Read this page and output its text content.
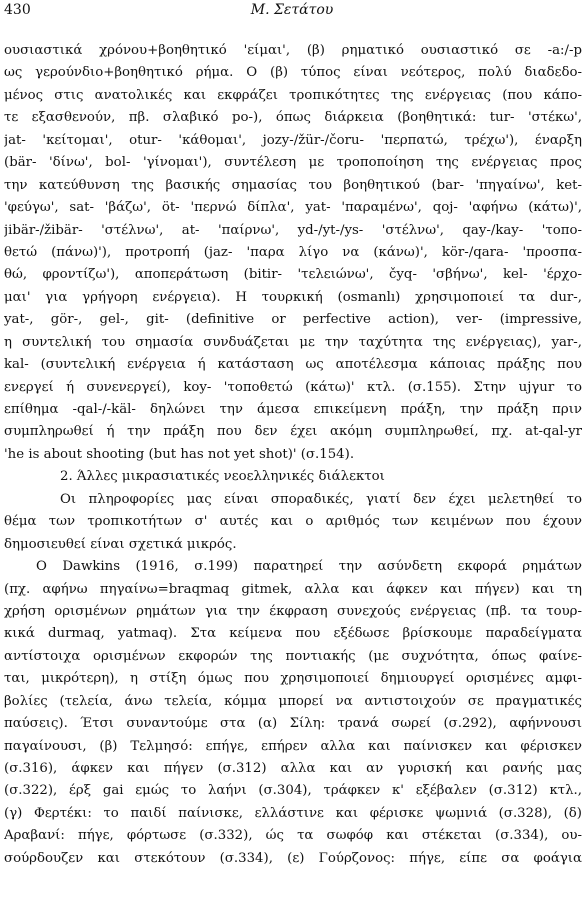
430	Μ. Σετάτου
ουσιαστικά χρόνου+βοηθητικό 'είμαι', (β) ρηματικό ουσιαστικό σε -a:/-p
ως γερούνδιο+βοηθητικό ρήμα. Ο (β) τύπος είναι νεότερος, πολύ διαδεδο-
μένος στις ανατολικές και εκφράζει τροπικότητες της ενέργειας (που κάπο-
τε εξασθενούν, πβ. σλαβικό po-), όπως διάρκεια (βοηθητικά: tur- 'στέκω',
jat- 'κείτομαι', otur- 'κάθομαι', jozy-/žür-/čoru- 'περπατώ, τρέχω'), έναρξη
(bär- 'δίνω', bol- 'γίνομαι'), συντέλεση με τροποποίηση της ενέργειας προς
την κατεύθυνση της βασικής σημασίας του βοηθητικού (bar- 'πηγαίνω', ket-
'φεύγω', sat- 'βάζω', öt- 'περνώ δίπλα', yat- 'παραμένω', qoj- 'αφήνω (κάτω)',
jibär-/žibär- 'στέλνω', at- 'παίρνω', yd-/yt-/ys- 'στέλνω', qay-/kay- 'τοπο-
θετώ (πάνω)'), προτροπή (jaz- 'παρα λίγο να (κάνω)', kör-/qara- 'προσπα-
θώ, φροντίζω'), αποπεράτωση (bitir- 'τελειώνω', čyq- 'σβήνω', kel- 'έρχο-
μαι' για γρήγορη ενέργεια). Η τουρκική (osmanlı) χρησιμοποιεί τα dur-,
yat-, gör-, gel-, git- (definitive or perfective action), ver- (impressive,
η συντελική του σημασία συνδυάζεται με την ταχύτητα της ενέργειας), yar-,
kal- (συντελική ενέργεια ή κατάσταση ως αποτέλεσμα κάποιας πράξης που
ενεργεί ή συνενεργεί), koy- 'τοποθετώ (κάτω)' κτλ. (σ.155). Στην ujγur το
επίθημα -qal-/-käl- δηλώνει την άμεσα επικείμενη πράξη, την πράξη πριν
συμπληρωθεί ή την πράξη που δεν έχει ακόμη συμπληρωθεί, πχ. at-qal-yr
'he is about shooting (but has not yet shot)' (σ.154).
2. Άλλες μικρασιατικές νεοελληνικές διάλεκτοι
Οι πληροφορίες μας είναι σποραδικές, γιατί δεν έχει μελετηθεί το
θέμα των τροπικοτήτων σ' αυτές και ο αριθμός των κειμένων που έχουν
δημοσιευθεί είναι σχετικά μικρός.
Ο Dawkins (1916, σ.199) παρατηρεί την ασύνδετη εκφορά ρημάτων
(πχ. αφήνω πηγαίνω=braqmaq gitmek, αλλα και άφκεν και πήγεν) και τη
χρήση ορισμένων ρημάτων για την έκφραση συνεχούς ενέργειας (πβ. τα τουρ-
κικά durmaq, yatmaq). Στα κείμενα που εξέδωσε βρίσκουμε παραδείγματα
αντίστοιχα ορισμένων εκφορών της ποντιακής (με συχνότητα, όπως φαίνε-
ται, μικρότερη), η στίξη όμως που χρησιμοποιεί δημιουργεί ορισμένες αμφι-
βολίες (τελεία, άνω τελεία, κόμμα μπορεί να αντιστοιχούν σε πραγματικές
παύσεις). Έτσι συναντούμε στα (α) Σίλη: τρανά σωρεί (σ.292), αφήννουσι
παγαίνουσι, (β) Τελμησό: επήγε, επήρεν αλλα και παίνισκεν και φέρισκεν
(σ.316), άφκεν και πήγεν (σ.312) αλλα και αν γυρισκή και ρανής μας
(σ.322), έρξ gai εμώς το λαήνι (σ.304), τράφκεν κ' εξέβαλεν (σ.312) κτλ.,
(γ) Φερτέκι: το παιδί παίνισκε, ελλάστινε και φέρισκε ψωμνιά (σ.328), (δ)
Αραβανί: πήγε, φόρτωσε (σ.332), ώς τα σωφόφ και στέκεται (σ.334), ου-
σούρδουζεν και στεκότουν (σ.334), (ε) Γούρζονος: πήγε, είπε σα φοάγια
